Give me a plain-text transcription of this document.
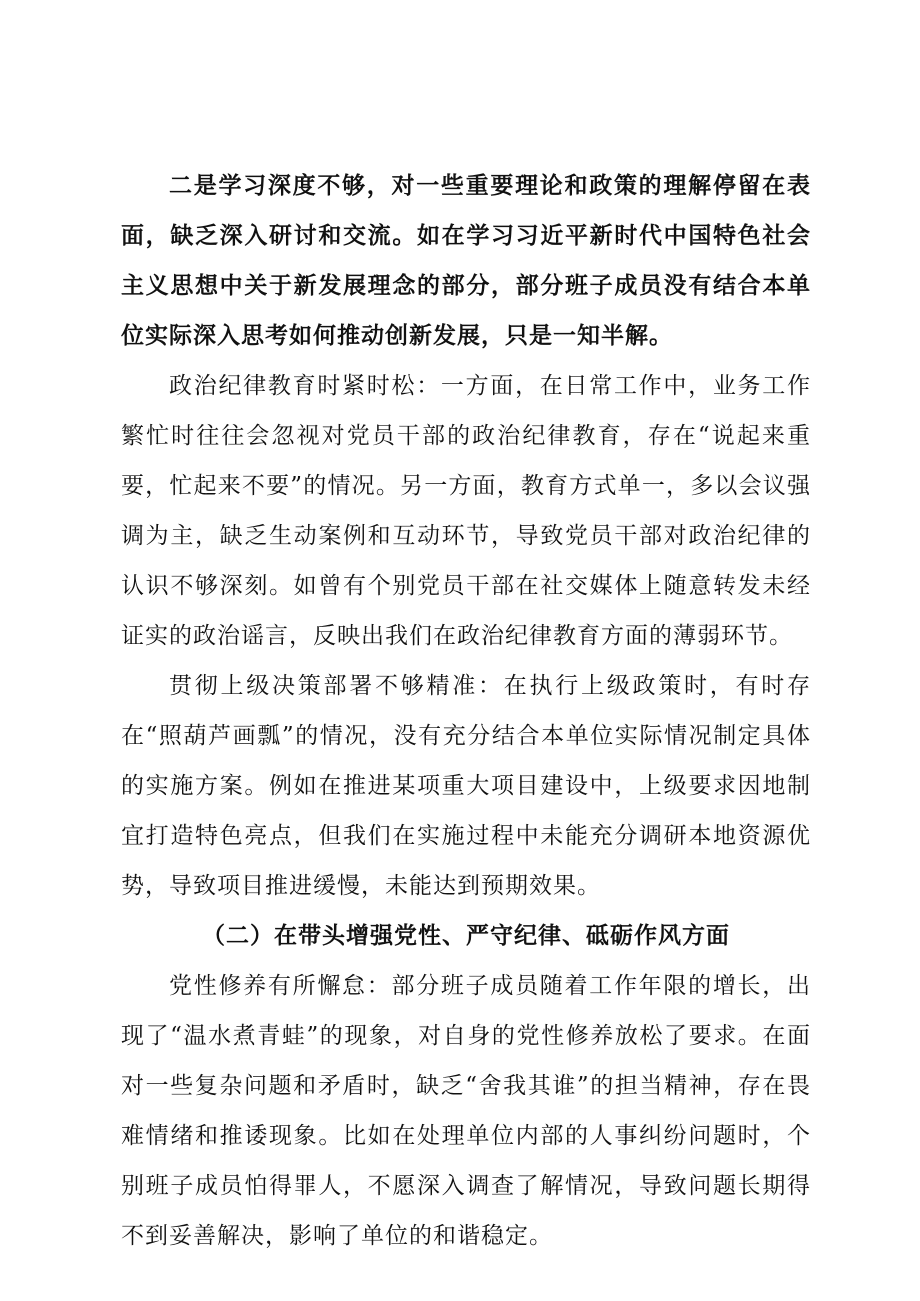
二是学习深度不够，对一些重要理论和政策的理解停留在表面，缺乏深入研讨和交流。如在学习习近平新时代中国特色社会主义思想中关于新发展理念的部分，部分班子成员没有结合本单位实际深入思考如何推动创新发展，只是一知半解。

政治纪律教育时紧时松：一方面，在日常工作中，业务工作繁忙时往往会忽视对党员干部的政治纪律教育，存在“说起来重要，忙起来不要”的情况。另一方面，教育方式单一，多以会议强调为主，缺乏生动案例和互动环节，导致党员干部对政治纪律的认识不够深刻。如曾有个别党员干部在社交媒体上随意转发未经证实的政治谣言，反映出我们在政治纪律教育方面的薄弱环节。

贯彻上级决策部署不够精准：在执行上级政策时，有时存在“照葫芦画瓢”的情况，没有充分结合本单位实际情况制定具体的实施方案。例如在推进某项重大项目建设中，上级要求因地制宜打造特色亮点，但我们在实施过程中未能充分调研本地资源优势，导致项目推进缓慢，未能达到预期效果。

（二）在带头增强党性、严守纪律、砥砺作风方面

党性修养有所懈怠：部分班子成员随着工作年限的增长，出现了“温水煮青蛙”的现象，对自身的党性修养放松了要求。在面对一些复杂问题和矛盾时，缺乏“舍我其谁”的担当精神，存在畏难情绪和推诿现象。比如在处理单位内部的人事纠纷问题时，个别班子成员怕得罪人，不愿深入调查了解情况，导致问题长期得不到妥善解决，影响了单位的和谐稳定。
